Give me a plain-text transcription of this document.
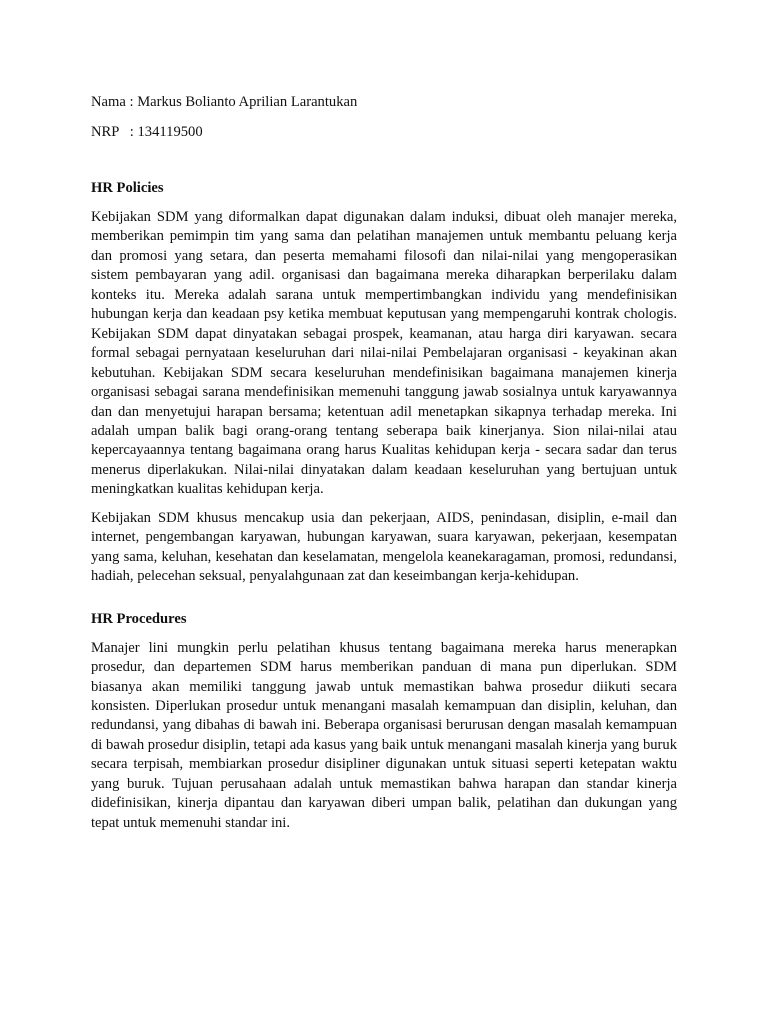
Nama : Markus Bolianto Aprilian Larantukan

NRP   : 134119500

HR Policies

Kebijakan SDM yang diformalkan dapat digunakan dalam induksi, dibuat oleh manajer mereka, memberikan pemimpin tim yang sama dan pelatihan manajemen untuk membantu peluang kerja dan promosi yang setara, dan peserta memahami filosofi dan nilai-nilai yang mengoperasikan sistem pembayaran yang adil. organisasi dan bagaimana mereka diharapkan berperilaku dalam konteks itu. Mereka adalah sarana untuk mempertimbangkan individu yang mendefinisikan hubungan kerja dan keadaan psy ketika membuat keputusan yang mempengaruhi kontrak chologis. Kebijakan SDM dapat dinyatakan sebagai prospek, keamanan, atau harga diri karyawan. secara formal sebagai pernyataan keseluruhan dari nilai-nilai Pembelajaran organisasi - keyakinan akan kebutuhan. Kebijakan SDM secara keseluruhan mendefinisikan bagaimana manajemen kinerja organisasi sebagai sarana mendefinisikan memenuhi tanggung jawab sosialnya untuk karyawannya dan dan menyetujui harapan bersama; ketentuan adil menetapkan sikapnya terhadap mereka. Ini adalah umpan balik bagi orang-orang tentang seberapa baik kinerjanya. Sion nilai-nilai atau kepercayaannya tentang bagaimana orang harus Kualitas kehidupan kerja - secara sadar dan terus menerus diperlakukan. Nilai-nilai dinyatakan dalam keadaan keseluruhan yang bertujuan untuk meningkatkan kualitas kehidupan kerja.

Kebijakan SDM khusus mencakup usia dan pekerjaan, AIDS, penindasan, disiplin, e-mail dan internet, pengembangan karyawan, hubungan karyawan, suara karyawan, pekerjaan, kesempatan yang sama, keluhan, kesehatan dan keselamatan, mengelola keanekaragaman, promosi, redundansi, hadiah, pelecehan seksual, penyalahgunaan zat dan keseimbangan kerja-kehidupan.

HR Procedures

Manajer lini mungkin perlu pelatihan khusus tentang bagaimana mereka harus menerapkan prosedur, dan departemen SDM harus memberikan panduan di mana pun diperlukan. SDM biasanya akan memiliki tanggung jawab untuk memastikan bahwa prosedur diikuti secara konsisten. Diperlukan prosedur untuk menangani masalah kemampuan dan disiplin, keluhan, dan redundansi, yang dibahas di bawah ini. Beberapa organisasi berurusan dengan masalah kemampuan di bawah prosedur disiplin, tetapi ada kasus yang baik untuk menangani masalah kinerja yang buruk secara terpisah, membiarkan prosedur disipliner digunakan untuk situasi seperti ketepatan waktu yang buruk. Tujuan perusahaan adalah untuk memastikan bahwa harapan dan standar kinerja didefinisikan, kinerja dipantau dan karyawan diberi umpan balik, pelatihan dan dukungan yang tepat untuk memenuhi standar ini.
